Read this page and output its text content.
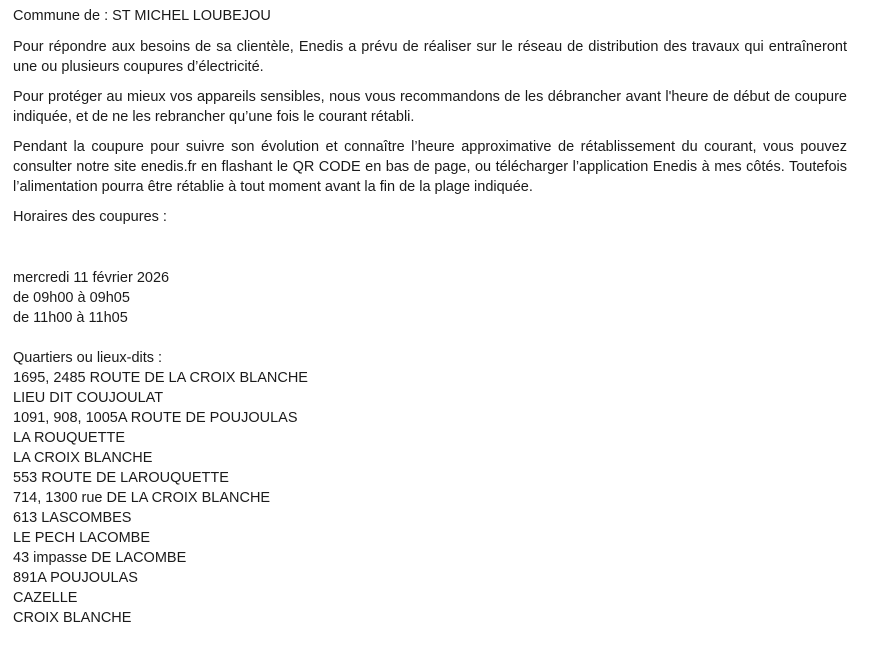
Commune de : ST MICHEL LOUBEJOU

Pour répondre aux besoins de sa clientèle, Enedis a prévu de réaliser sur le réseau de distribution des travaux qui entraîneront une ou plusieurs coupures d’électricité.

Pour protéger au mieux vos appareils sensibles, nous vous recommandons de les débrancher avant l'heure de début de coupure indiquée, et de ne les rebrancher qu’une fois le courant rétabli.

Pendant la coupure pour suivre son évolution et connaître l’heure approximative de rétablissement du courant, vous pouvez consulter notre site enedis.fr en flashant le QR CODE en bas de page, ou télécharger l’application Enedis à mes côtés. Toutefois l’alimentation pourra être rétablie à tout moment avant la fin de la plage indiquée.

Horaires des coupures :
mercredi 11 février 2026
de 09h00 à 09h05
de 11h00 à 11h05
Quartiers ou lieux-dits :
1695, 2485 ROUTE DE LA CROIX BLANCHE
LIEU DIT COUJOULAT
1091, 908, 1005A ROUTE DE POUJOULAS
LA ROUQUETTE
LA CROIX BLANCHE
553 ROUTE DE LAROUQUETTE
714, 1300 rue DE LA CROIX BLANCHE
613 LASCOMBES
LE PECH LACOMBE
43 impasse DE LACOMBE
891A POUJOULAS
CAZELLE
CROIX BLANCHE
